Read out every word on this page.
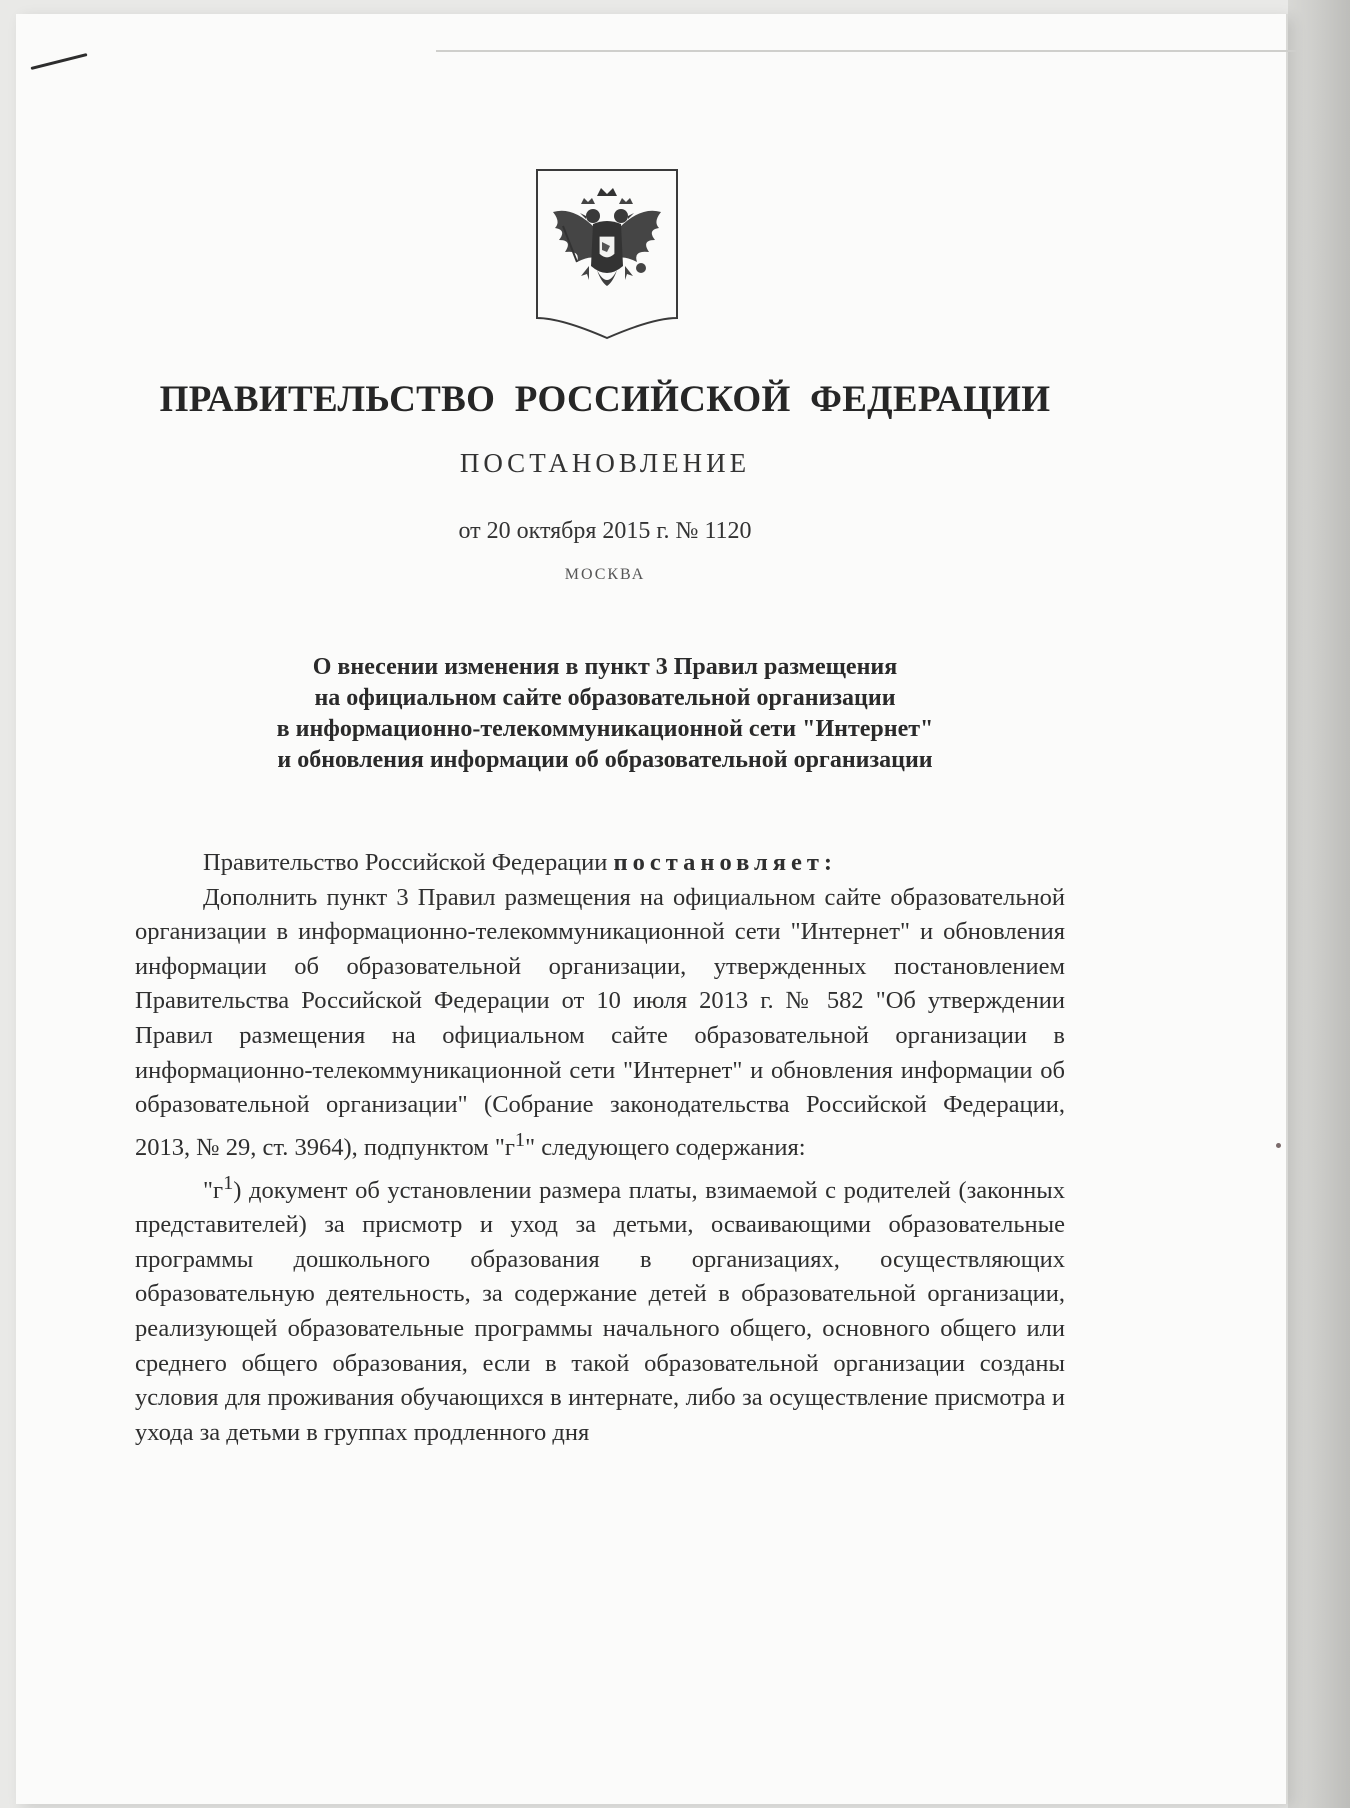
ПРАВИТЕЛЬСТВО РОССИЙСКОЙ ФЕДЕРАЦИИ
ПОСТАНОВЛЕНИЕ
от 20 октября 2015 г. № 1120
МОСКВА
О внесении изменения в пункт 3 Правил размещения
на официальном сайте образовательной организации
в информационно-телекоммуникационной сети "Интернет"
и обновления информации об образовательной организации

Правительство Российской Федерации постановляет:

Дополнить пункт 3 Правил размещения на официальном сайте образовательной организации в информационно-телекоммуникационной сети "Интернет" и обновления информации об образовательной организации, утвержденных постановлением Правительства Российской Федерации от 10 июля 2013 г. № 582 "Об утверждении Правил размещения на официальном сайте образовательной организации в информационно-телекоммуникационной сети "Интернет" и обновления информации об образовательной организации" (Собрание законодательства Российской Федерации, 2013, № 29, ст. 3964), подпунктом "$г^1$" следующего содержания:

"$г^1$) документ об установлении размера платы, взимаемой с родителей (законных представителей) за присмотр и уход за детьми, осваивающими образовательные программы дошкольного образования в организациях, осуществляющих образовательную деятельность, за содержание детей в образовательной организации, реализующей образовательные программы начального общего, основного общего или среднего общего образования, если в такой образовательной организации созданы условия для проживания обучающихся в интернате, либо за осуществление присмотра и ухода за детьми в группах продленного дня
